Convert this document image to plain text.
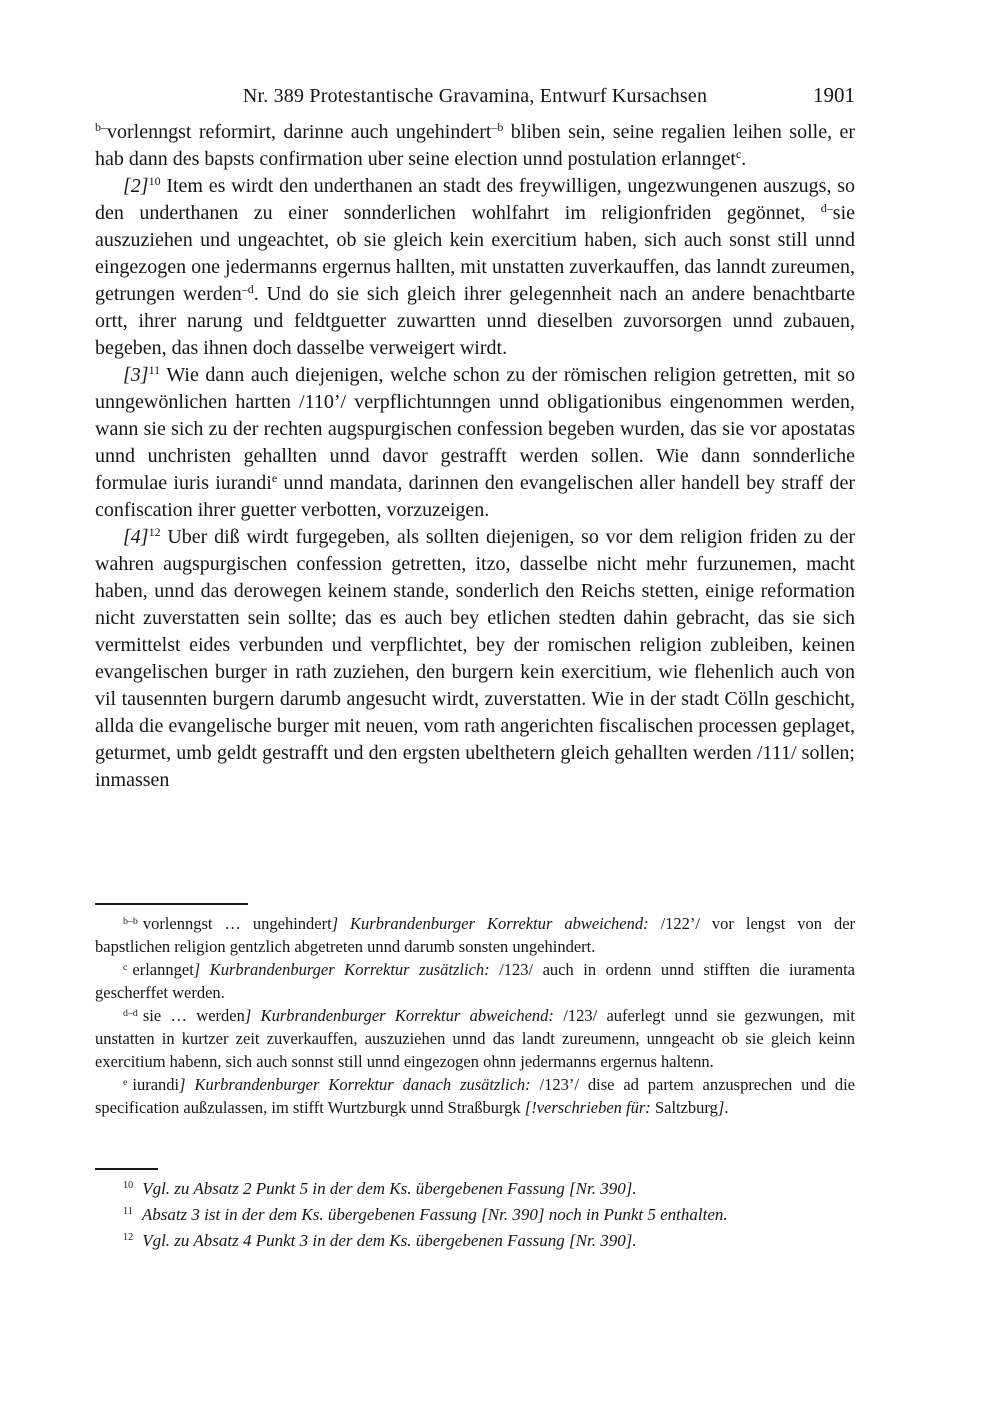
Nr. 389 Protestantische Gravamina, Entwurf Kursachsen	1901

$^{b-}$vorlenngst reformirt, darinne auch ungehindert$^{-b}$ bliben sein, seine regalien leihen solle, er hab dann des bapsts confirmation uber seine election unnd postulation erlannget$^c$.

$[2]^{10}$ Item es wirdt den underthanen an stadt des freywilligen, ungezwungenen auszugs, so den underthanen zu einer sonnderlichen wohlfahrt im religionfriden gegönnet, $^{d-}$sie auszuziehen und ungeachtet, ob sie gleich kein exercitium haben, sich auch sonst still unnd eingezogen one jedermanns ergernus hallten, mit unstatten zuverkauffen, das lanndt zureumen, getrungen werden$^{-d}$. Und do sie sich gleich ihrer gelegennheit nach an andere benachtbarte ortt, ihrer narung und feldtguetter zuwartten unnd dieselben zuvorsorgen unnd zubauen, begeben, das ihnen doch dasselbe verweigert wirdt.

$[3]^{11}$ Wie dann auch diejenigen, welche schon zu der römischen religion getretten, mit so unngewönlichen hartten /110’/ verpflichtunngen unnd obligationibus eingenommen werden, wann sie sich zu der rechten augspurgischen confession begeben wurden, das sie vor apostatas unnd unchristen gehallten unnd davor gestrafft werden sollen. Wie dann sonnderliche formulae iuris iurandi$^e$ unnd mandata, darinnen den evangelischen aller handell bey straff der confiscation ihrer guetter verbotten, vorzuzeigen.

$[4]^{12}$ Uber diß wirdt furgegeben, als sollten diejenigen, so vor dem religion friden zu der wahren augspurgischen confession getretten, itzo, dasselbe nicht mehr furzunemen, macht haben, unnd das derowegen keinem stande, sonderlich den Reichs stetten, einige reformation nicht zuverstatten sein sollte; das es auch bey etlichen stedten dahin gebracht, das sie sich vermittelst eides verbunden und verpflichtet, bey der romischen religion zubleiben, keinen evangelischen burger in rath zuziehen, den burgern kein exercitium, wie flehenlich auch von vil tausennten burgern darumb angesucht wirdt, zuverstatten. Wie in der stadt Cölln geschicht, allda die evangelische burger mit neuen, vom rath angerichten fiscalischen processen geplaget, geturmet, umb geldt gestrafft und den ergsten ubelthetern gleich gehallten werden /111/ sollen; inmassen

$^{b-b}$ vorlenngst … ungehindert] Kurbrandenburger Korrektur abweichend: /122’/ vor lengst von der bapstlichen religion gentzlich abgetreten unnd darumb sonsten ungehindert.

$^c$ erlannget] Kurbrandenburger Korrektur zusätzlich: /123/ auch in ordenn unnd stifften die iuramenta gescherffet werden.

$^{d-d}$ sie … werden] Kurbrandenburger Korrektur abweichend: /123/ auferlegt unnd sie gezwungen, mit unstatten in kurtzer zeit zuverkauffen, auszuziehen unnd das landt zureumenn, unngeacht ob sie gleich keinn exercitium habenn, sich auch sonnst still unnd eingezogen ohnn jedermanns ergernus haltenn.

$^e$ iurandi] Kurbrandenburger Korrektur danach zusätzlich: /123’/ dise ad partem anzusprechen und die specification außzulassen, im stifft Wurtzburgk unnd Straßburgk [!verschrieben für: Saltzburg].

$^{10}$ Vgl. zu Absatz 2 Punkt 5 in der dem Ks. übergebenen Fassung [Nr. 390].

$^{11}$ Absatz 3 ist in der dem Ks. übergebenen Fassung [Nr. 390] noch in Punkt 5 enthalten.

$^{12}$ Vgl. zu Absatz 4 Punkt 3 in der dem Ks. übergebenen Fassung [Nr. 390].
